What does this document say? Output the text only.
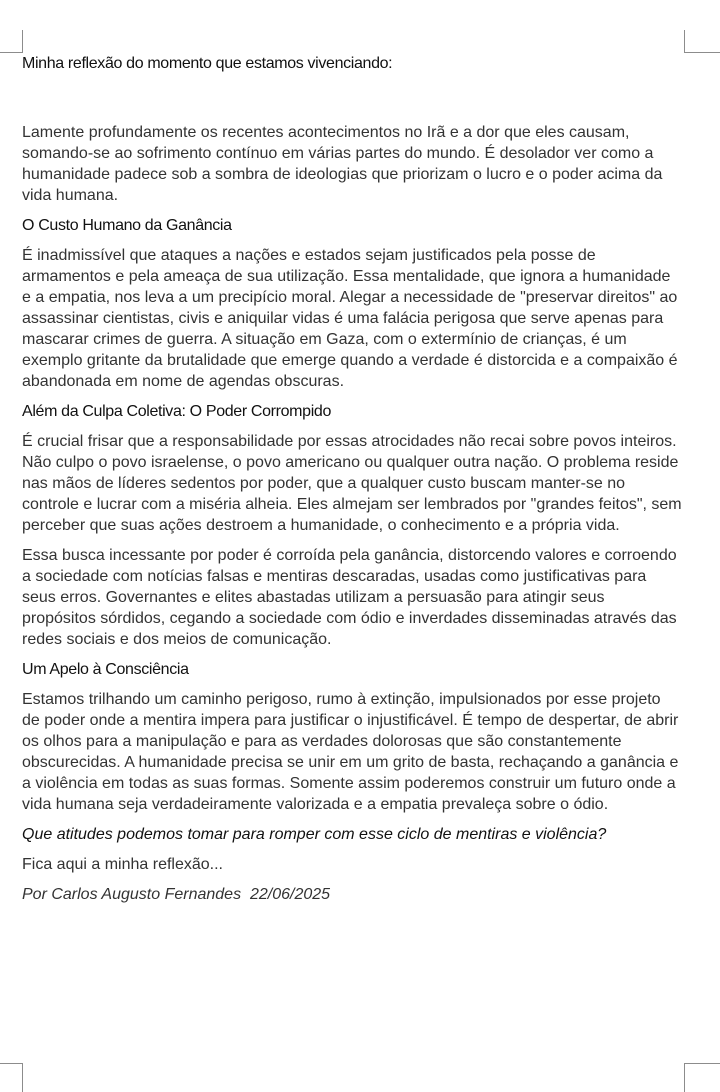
Minha reflexão do momento que estamos vivenciando:

Lamente profundamente os recentes acontecimentos no Irã e a dor que eles causam, somando-se ao sofrimento contínuo em várias partes do mundo. É desolador ver como a humanidade padece sob a sombra de ideologias que priorizam o lucro e o poder acima da vida humana.

O Custo Humano da Ganância

É inadmissível que ataques a nações e estados sejam justificados pela posse de armamentos e pela ameaça de sua utilização. Essa mentalidade, que ignora a humanidade e a empatia, nos leva a um precipício moral. Alegar a necessidade de "preservar direitos" ao assassinar cientistas, civis e aniquilar vidas é uma falácia perigosa que serve apenas para mascarar crimes de guerra. A situação em Gaza, com o extermínio de crianças, é um exemplo gritante da brutalidade que emerge quando a verdade é distorcida e a compaixão é abandonada em nome de agendas obscuras.

Além da Culpa Coletiva: O Poder Corrompido

É crucial frisar que a responsabilidade por essas atrocidades não recai sobre povos inteiros. Não culpo o povo israelense, o povo americano ou qualquer outra nação. O problema reside nas mãos de líderes sedentos por poder, que a qualquer custo buscam manter-se no controle e lucrar com a miséria alheia. Eles almejam ser lembrados por "grandes feitos", sem perceber que suas ações destroem a humanidade, o conhecimento e a própria vida.

Essa busca incessante por poder é corroída pela ganância, distorcendo valores e corroendo a sociedade com notícias falsas e mentiras descaradas, usadas como justificativas para seus erros. Governantes e elites abastadas utilizam a persuasão para atingir seus propósitos sórdidos, cegando a sociedade com ódio e inverdades disseminadas através das redes sociais e dos meios de comunicação.

Um Apelo à Consciência

Estamos trilhando um caminho perigoso, rumo à extinção, impulsionados por esse projeto de poder onde a mentira impera para justificar o injustificável. É tempo de despertar, de abrir os olhos para a manipulação e para as verdades dolorosas que são constantemente obscurecidas. A humanidade precisa se unir em um grito de basta, rechaçando a ganância e a violência em todas as suas formas. Somente assim poderemos construir um futuro onde a vida humana seja verdadeiramente valorizada e a empatia prevaleça sobre o ódio.

Que atitudes podemos tomar para romper com esse ciclo de mentiras e violência?

Fica aqui a minha reflexão...

Por Carlos Augusto Fernandes  22/06/2025
